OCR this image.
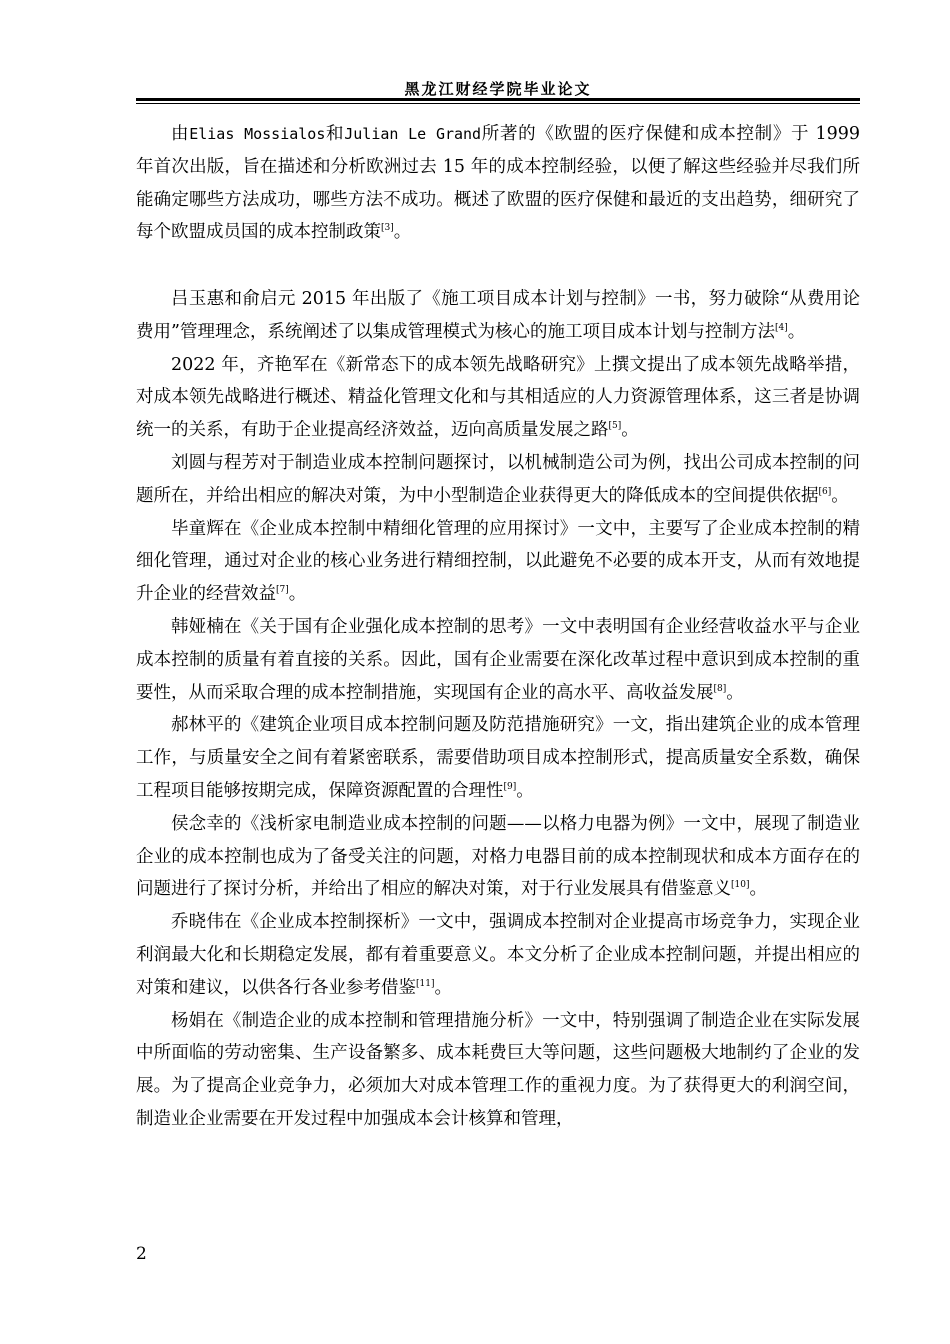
黑龙江财经学院毕业论文

由Elias Mossialos和Julian Le Grand所著的《欧盟的医疗保健和成本控制》于 1999 年首次出版，旨在描述和分析欧洲过去 15 年的成本控制经验，以便了解这些经验并尽我们所能确定哪些方法成功，哪些方法不成功。概述了欧盟的医疗保健和最近的支出趋势，细研究了每个欧盟成员国的成本控制政策[3]。

吕玉惠和俞启元 2015 年出版了《施工项目成本计划与控制》一书，努力破除“从费用论费用”管理理念，系统阐述了以集成管理模式为核心的施工项目成本计划与控制方法[4]。

2022 年，齐艳军在《新常态下的成本领先战略研究》上撰文提出了成本领先战略举措，对成本领先战略进行概述、精益化管理文化和与其相适应的人力资源管理体系，这三者是协调统一的关系，有助于企业提高经济效益，迈向高质量发展之路[5]。

刘圆与程芳对于制造业成本控制问题探讨，以机械制造公司为例，找出公司成本控制的问题所在，并给出相应的解决对策，为中小型制造企业获得更大的降低成本的空间提供依据[6]。

毕童辉在《企业成本控制中精细化管理的应用探讨》一文中，主要写了企业成本控制的精细化管理，通过对企业的核心业务进行精细控制，以此避免不必要的成本开支，从而有效地提升企业的经营效益[7]。

韩娅楠在《关于国有企业强化成本控制的思考》一文中表明国有企业经营收益水平与企业成本控制的质量有着直接的关系。因此，国有企业需要在深化改革过程中意识到成本控制的重要性，从而采取合理的成本控制措施，实现国有企业的高水平、高收益发展[8]。

郝林平的《建筑企业项目成本控制问题及防范措施研究》一文，指出建筑企业的成本管理工作，与质量安全之间有着紧密联系，需要借助项目成本控制形式，提高质量安全系数，确保工程项目能够按期完成，保障资源配置的合理性[9]。

侯念幸的《浅析家电制造业成本控制的问题——以格力电器为例》一文中，展现了制造业企业的成本控制也成为了备受关注的问题，对格力电器目前的成本控制现状和成本方面存在的问题进行了探讨分析，并给出了相应的解决对策，对于行业发展具有借鉴意义[10]。

乔晓伟在《企业成本控制探析》一文中，强调成本控制对企业提高市场竞争力，实现企业利润最大化和长期稳定发展，都有着重要意义。本文分析了企业成本控制问题，并提出相应的对策和建议，以供各行各业参考借鉴[11]。

杨娟在《制造企业的成本控制和管理措施分析》一文中，特别强调了制造企业在实际发展中所面临的劳动密集、生产设备繁多、成本耗费巨大等问题，这些问题极大地制约了企业的发展。为了提高企业竞争力，必须加大对成本管理工作的重视力度。为了获得更大的利润空间，制造业企业需要在开发过程中加强成本会计核算和管理，

2
